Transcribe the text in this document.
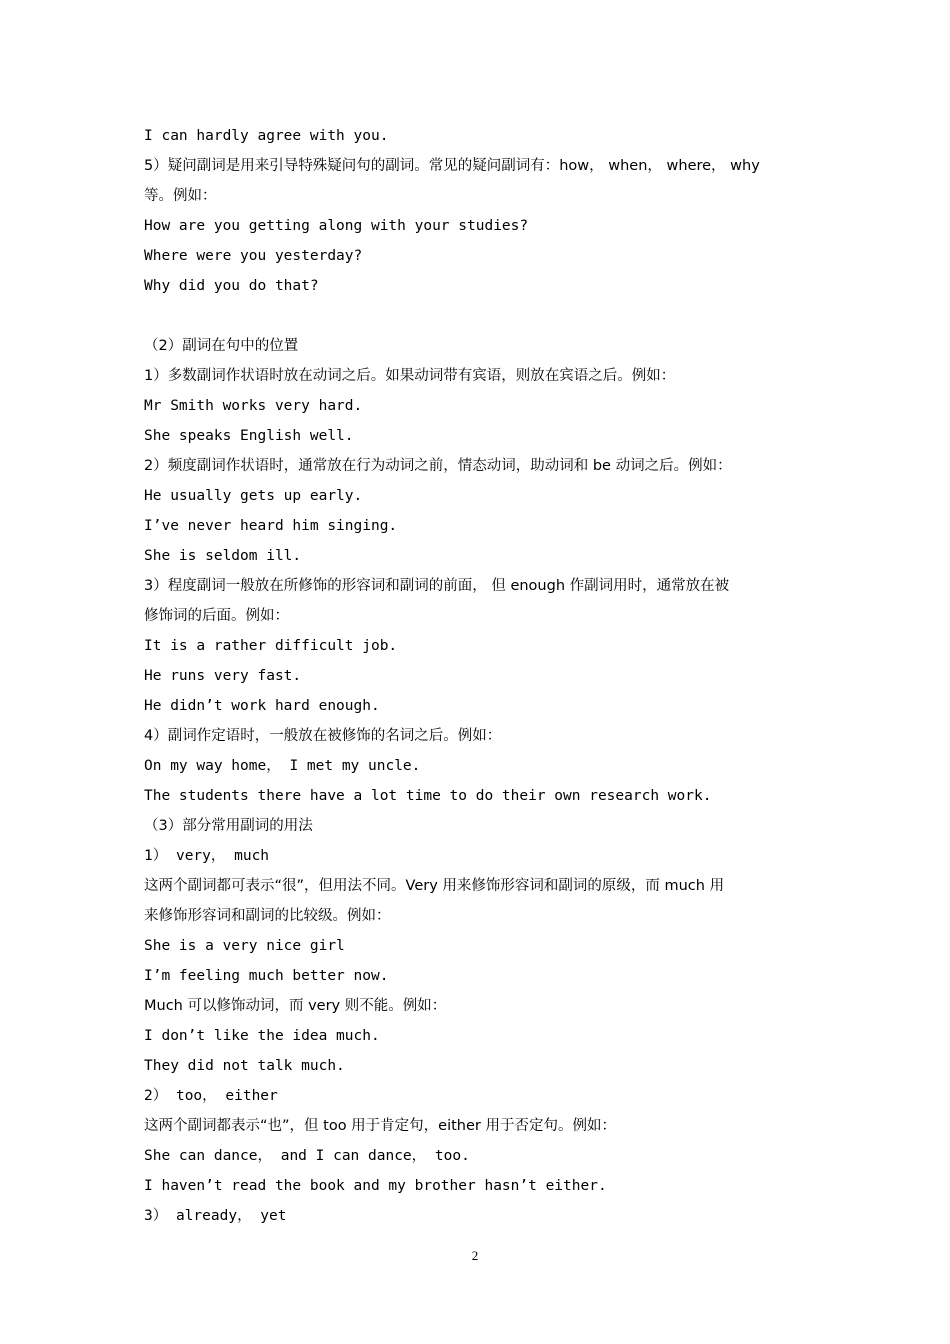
I can hardly agree with you.
5）疑问副词是用来引导特殊疑问句的副词。常见的疑问副词有：how， when， where， why
等。例如：
How are you getting along with your studies?
Where were you yesterday?
Why did you do that?
（2）副词在句中的位置
1）多数副词作状语时放在动词之后。如果动词带有宾语，则放在宾语之后。例如：
Mr Smith works very hard.
She speaks English well.
2）频度副词作状语时，通常放在行为动词之前，情态动词，助动词和 be 动词之后。例如：
He usually gets up early.
I’ve never heard him singing.
She is seldom ill.
3）程度副词一般放在所修饰的形容词和副词的前面， 但 enough 作副词用时，通常放在被
修饰词的后面。例如：
It is a rather difficult job.
He runs very fast.
He didn’t work hard enough.
4）副词作定语时，一般放在被修饰的名词之后。例如：
On my way home， I met my uncle.
The students there have a lot time to do their own research work.
（3）部分常用副词的用法
1） very， much
这两个副词都可表示“很”，但用法不同。Very 用来修饰形容词和副词的原级，而 much 用
来修饰形容词和副词的比较级。例如：
She is a very nice girl
I’m feeling much better now.
Much 可以修饰动词，而 very 则不能。例如：
I don’t like the idea much.
They did not talk much.
2） too， either
这两个副词都表示“也”，但 too 用于肯定句，either 用于否定句。例如：
She can dance， and I can dance， too.
I haven’t read the book and my brother hasn’t either.
3） already， yet
2
